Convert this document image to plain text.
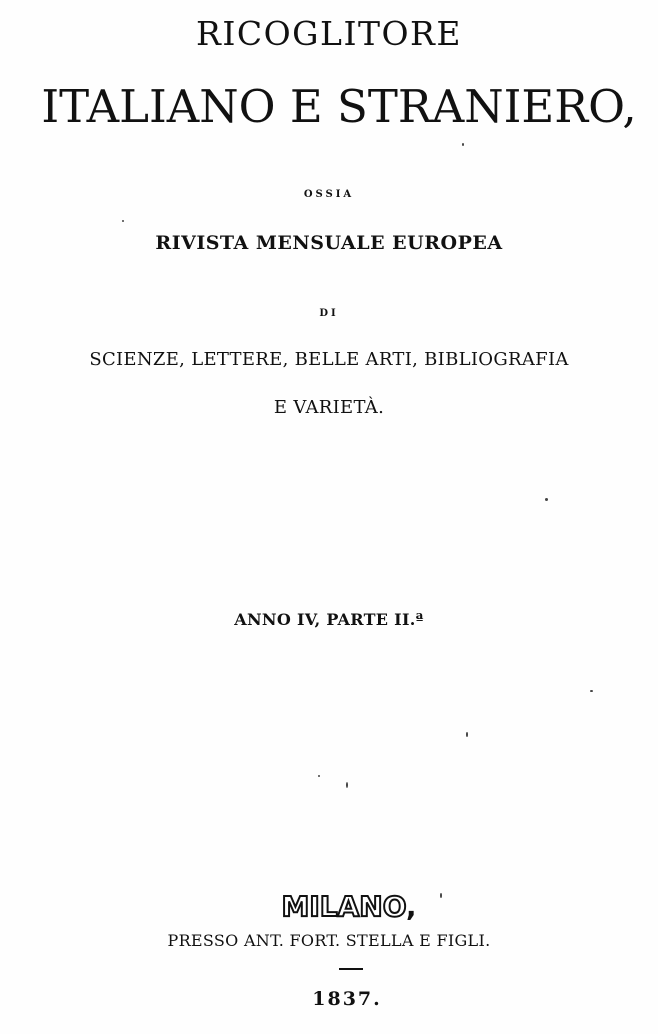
RICOGLITORE
ITALIANO E STRANIERO,
OSSIA
RIVISTA MENSUALE EUROPEA
DI
SCIENZE, LETTERE, BELLE ARTI, BIBLIOGRAFIA
E VARIETÀ.
ANNO IV, PARTE II.ª
MILANO,
PRESSO ANT. FORT. STELLA E FIGLI.
1837.
